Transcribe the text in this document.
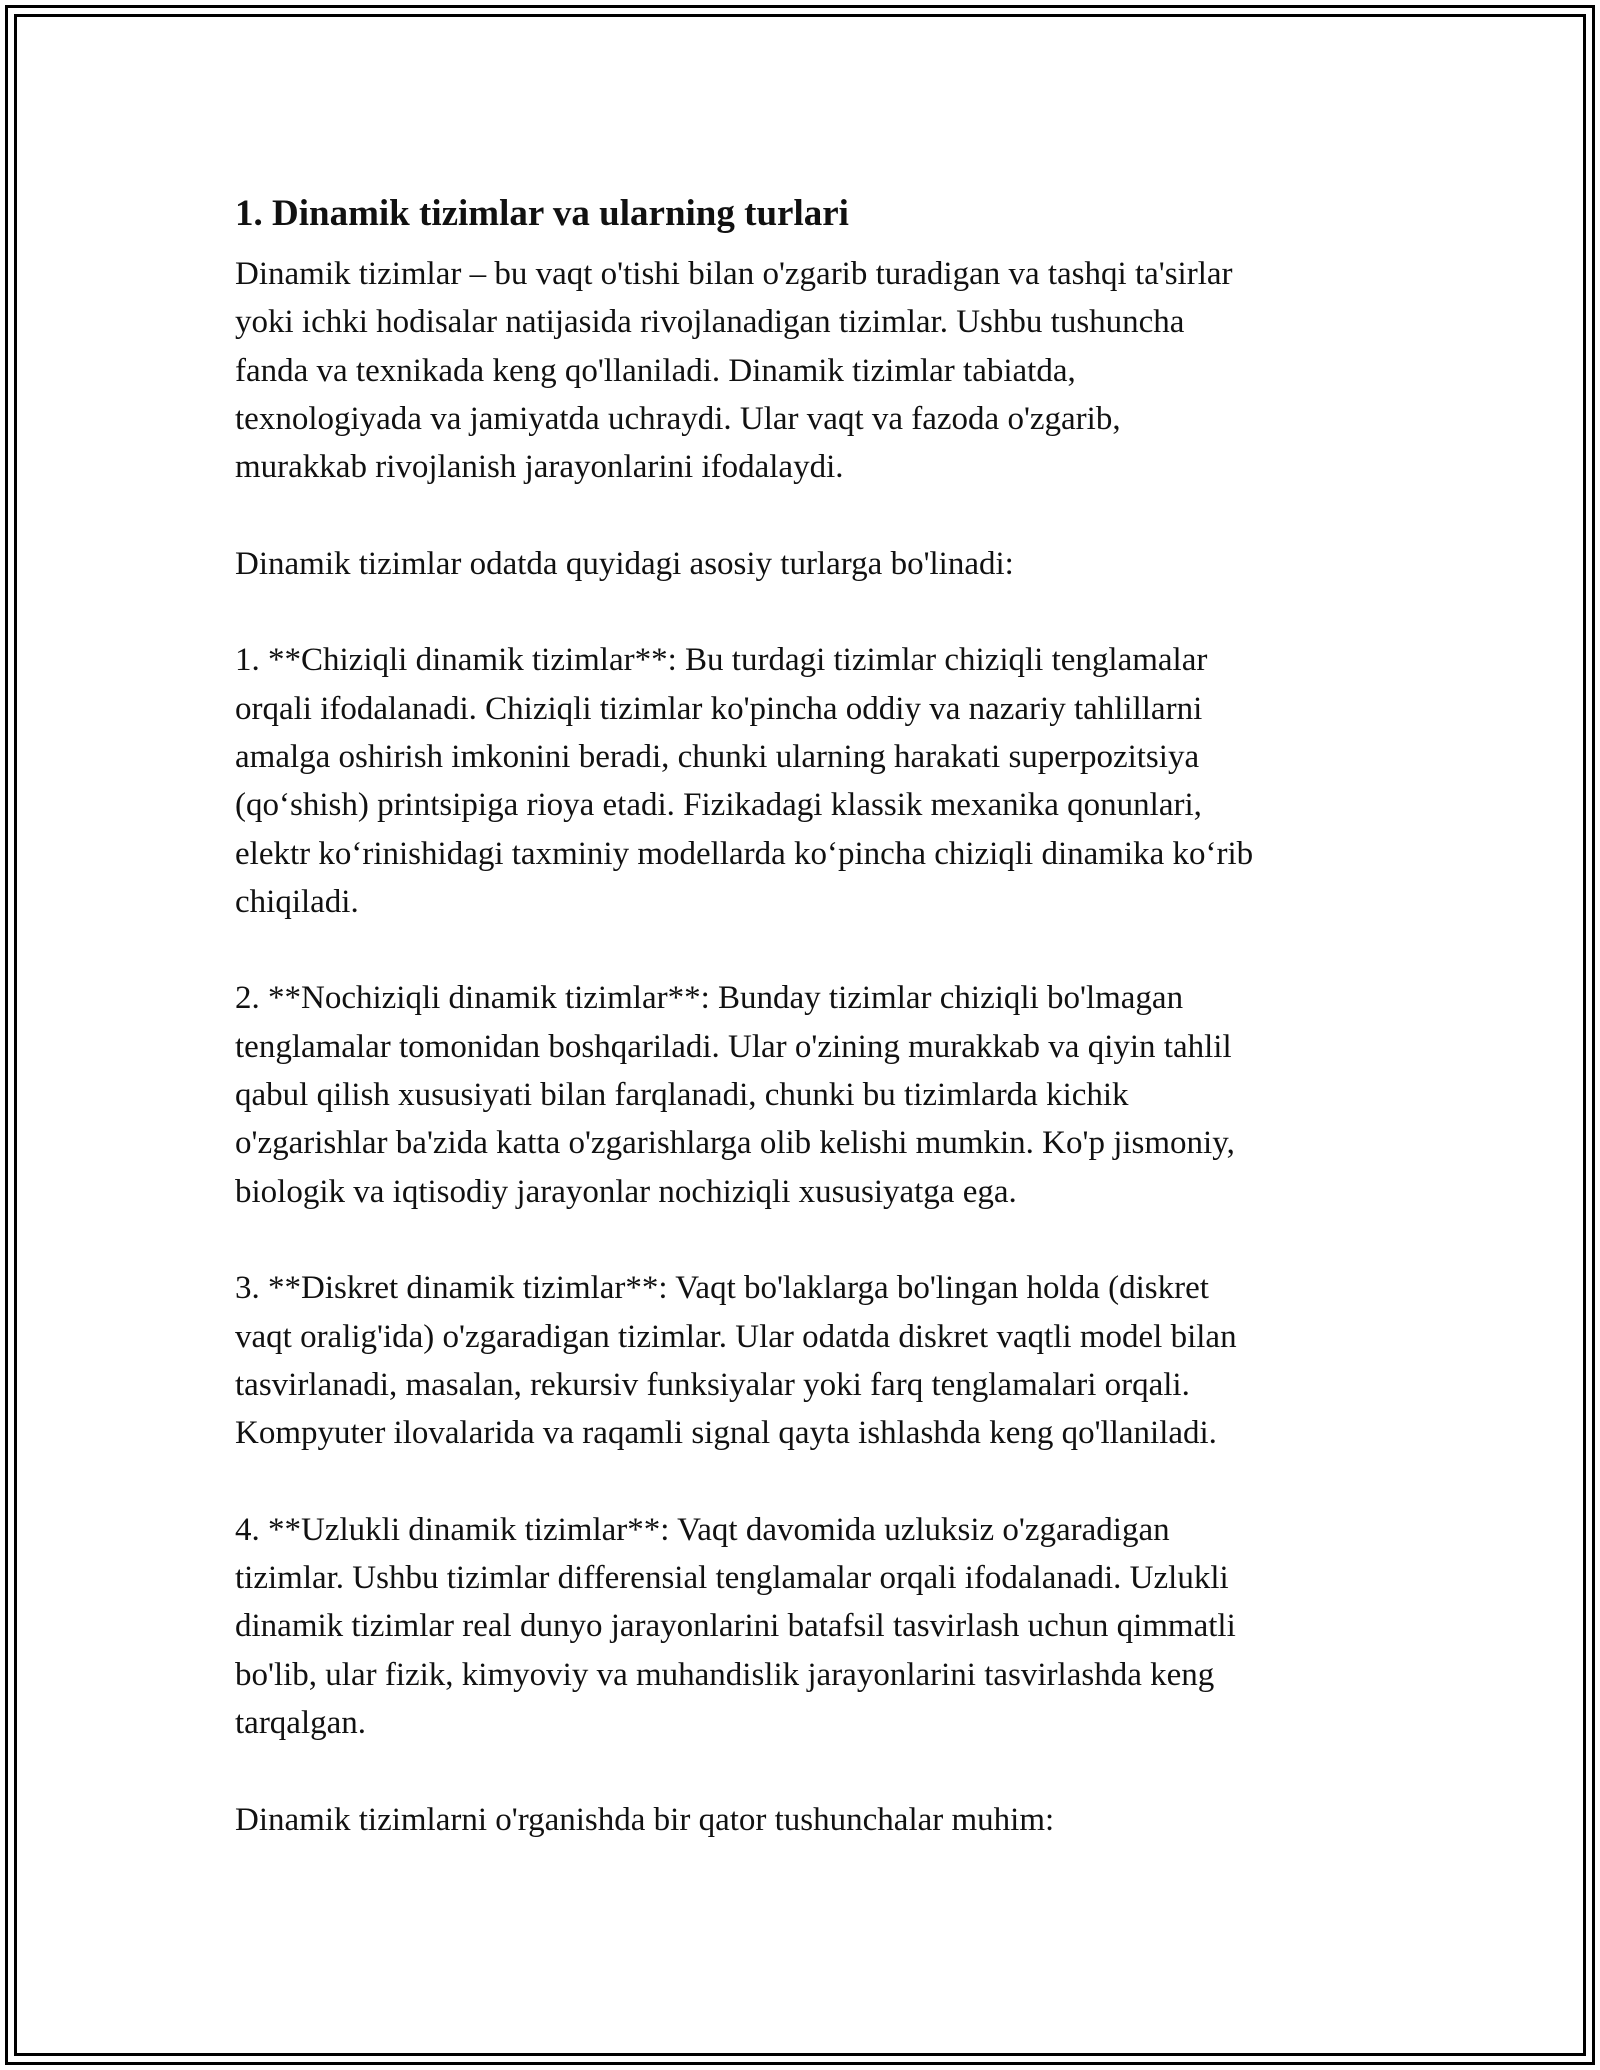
1. Dinamik tizimlar va ularning turlari
Dinamik tizimlar – bu vaqt o'tishi bilan o'zgarib turadigan va tashqi ta'sirlar
yoki ichki hodisalar natijasida rivojlanadigan tizimlar. Ushbu tushuncha
fanda va texnikada keng qo'llaniladi. Dinamik tizimlar tabiatda,
texnologiyada va jamiyatda uchraydi. Ular vaqt va fazoda o'zgarib,
murakkab rivojlanish jarayonlarini ifodalaydi.
Dinamik tizimlar odatda quyidagi asosiy turlarga bo'linadi:
1. **Chiziqli dinamik tizimlar**: Bu turdagi tizimlar chiziqli tenglamalar
orqali ifodalanadi. Chiziqli tizimlar ko'pincha oddiy va nazariy tahlillarni
amalga oshirish imkonini beradi, chunki ularning harakati superpozitsiya
(qo‘shish) printsipiga rioya etadi. Fizikadagi klassik mexanika qonunlari,
elektr ko‘rinishidagi taxminiy modellarda ko‘pincha chiziqli dinamika ko‘rib
chiqiladi.
2. **Nochiziqli dinamik tizimlar**: Bunday tizimlar chiziqli bo'lmagan
tenglamalar tomonidan boshqariladi. Ular o'zining murakkab va qiyin tahlil
qabul qilish xususiyati bilan farqlanadi, chunki bu tizimlarda kichik
o'zgarishlar ba'zida katta o'zgarishlarga olib kelishi mumkin. Ko'p jismoniy,
biologik va iqtisodiy jarayonlar nochiziqli xususiyatga ega.
3. **Diskret dinamik tizimlar**: Vaqt bo'laklarga bo'lingan holda (diskret
vaqt oralig'ida) o'zgaradigan tizimlar. Ular odatda diskret vaqtli model bilan
tasvirlanadi, masalan, rekursiv funksiyalar yoki farq tenglamalari orqali.
Kompyuter ilovalarida va raqamli signal qayta ishlashda keng qo'llaniladi.
4. **Uzlukli dinamik tizimlar**: Vaqt davomida uzluksiz o'zgaradigan
tizimlar. Ushbu tizimlar differensial tenglamalar orqali ifodalanadi. Uzlukli
dinamik tizimlar real dunyo jarayonlarini batafsil tasvirlash uchun qimmatli
bo'lib, ular fizik, kimyoviy va muhandislik jarayonlarini tasvirlashda keng
tarqalgan.
Dinamik tizimlarni o'rganishda bir qator tushunchalar muhim:
